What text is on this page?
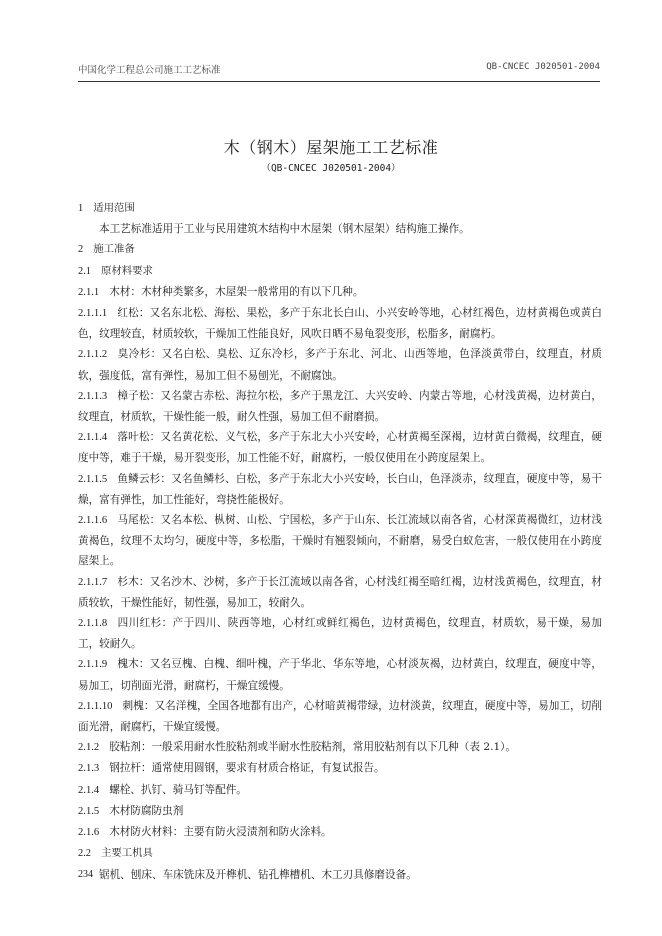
中国化学工程总公司施工工艺标准	QB-CNCEC J020501-2004
木（钢木）屋架施工工艺标准
（QB-CNCEC J020501-2004）

1 适用范围

本工艺标准适用于工业与民用建筑木结构中木屋架（钢木屋架）结构施工操作。

2 施工准备

2.1 原材料要求

2.1.1 木材：木材种类繁多，木屋架一般常用的有以下几种。

2.1.1.1 红松：又名东北松、海松、果松，多产于东北长白山、小兴安岭等地，心材红褐色，边材黄褐色或黄白色，纹理较直，材质较软，干燥加工性能良好，风吹日晒不易龟裂变形，松脂多，耐腐朽。

2.1.1.2 臭冷杉：又名白松、臭松、辽东冷杉，多产于东北、河北、山西等地，色泽淡黄带白，纹理直，材质软，强度低，富有弹性，易加工但不易刨光，不耐腐蚀。

2.1.1.3 樟子松：又名蒙古赤松、海拉尔松，多产于黑龙江、大兴安岭、内蒙古等地，心材浅黄褐，边材黄白，纹理直，材质软，干燥性能一般，耐久性强，易加工但不耐磨损。

2.1.1.4 落叶松：又名黄花松、义气松，多产于东北大小兴安岭，心材黄褐至深褐，边材黄白微褐，纹理直，硬度中等，难于干燥，易开裂变形，加工性能不好，耐腐朽，一般仅使用在小跨度屋架上。

2.1.1.5 鱼鳞云杉：又名鱼鳞杉、白松，多产于东北大小兴安岭，长白山，色泽淡赤，纹理直，硬度中等，易干燥，富有弹性，加工性能好，弯挠性能极好。

2.1.1.6 马尾松：又名本松、枞树、山松、宁国松，多产于山东、长江流域以南各省，心材深黄褐微红，边材浅黄褐色，纹理不太均匀，硬度中等，多松脂，干燥时有翘裂倾向，不耐磨，易受白蚁危害，一般仅使用在小跨度屋架上。

2.1.1.7 杉木：又名沙木、沙树，多产于长江流域以南各省，心材浅红褐至暗红褐，边材浅黄褐色，纹理直，材质较软，干燥性能好，韧性强，易加工，较耐久。

2.1.1.8 四川红杉：产于四川、陕西等地，心材红或鲜红褐色，边材黄褐色，纹理直，材质软，易干燥，易加工，较耐久。

2.1.1.9 槐木：又名豆槐、白槐、细叶槐，产于华北、华东等地，心材淡灰褐，边材黄白，纹理直，硬度中等，易加工，切削面光滑，耐腐朽，干燥宜缓慢。

2.1.1.10 刺槐：又名洋槐，全国各地都有出产，心材暗黄褐带绿，边材淡黄，纹理直，硬度中等，易加工，切削面光滑，耐腐朽，干燥宜缓慢。

2.1.2 胶粘剂：一般采用耐水性胶粘剂或半耐水性胶粘剂，常用胶粘剂有以下几种（表 2.1）。

2.1.3 钢拉杆：通常使用圆钢，要求有材质合格证，有复试报告。

2.1.4 螺栓、扒钉、骑马钉等配件。

2.1.5 木材防腐防虫剂

2.1.6 木材防火材料：主要有防火浸渍剂和防火涂料。

2.2 主要工机具

锯机、刨床、车床铣床及开榫机、钻孔榫槽机、木工刃具修磨设备。

234
